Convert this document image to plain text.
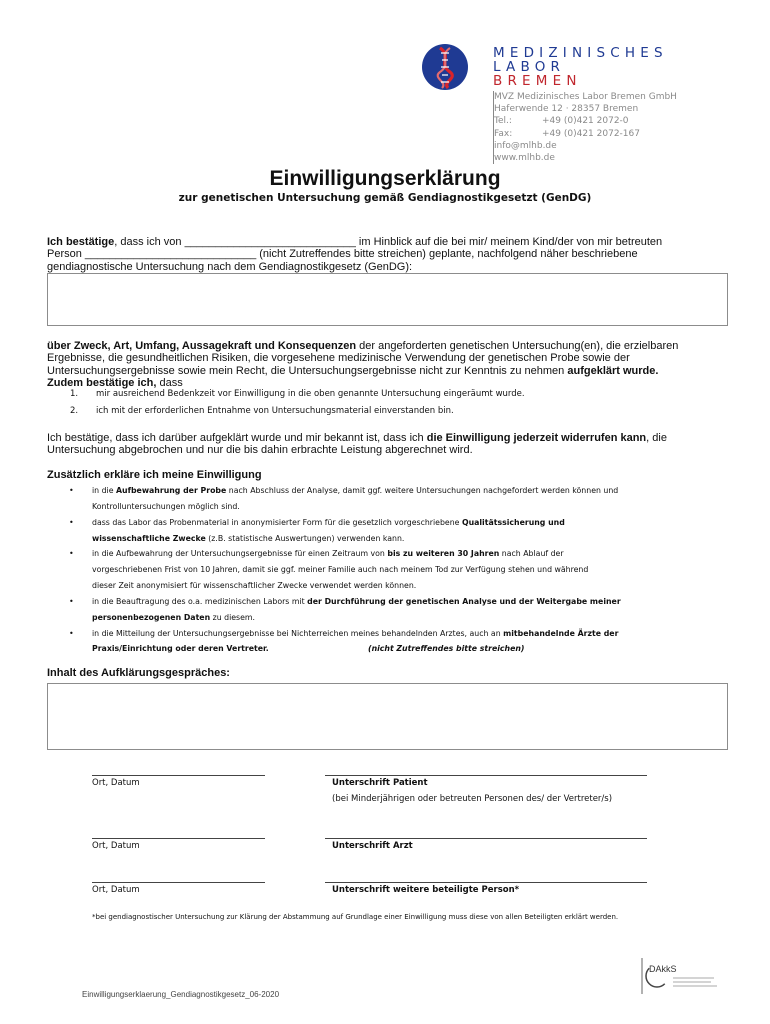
MEDIZINISCHES
LABOR
BREMEN
MVZ Medizinisches Labor Bremen GmbH
Haferwende 12 · 28357 Bremen
Tel.:	+49 (0)421 2072-0
Fax:	+49 (0)421 2072-167
info@mlhb.de
www.mlhb.de
Einwilligungserklärung
zur genetischen Untersuchung gemäß Gendiagnostikgesetzt (GenDG)
Ich bestätige, dass ich von ____________________________ im Hinblick auf die bei mir/ meinem Kind/der von mir betreuten
Person ____________________________ (nicht Zutreffendes bitte streichen) geplante, nachfolgend näher beschriebene
gendiagnostische Untersuchung nach dem Gendiagnostikgesetz (GenDG):
über Zweck, Art, Umfang, Aussagekraft und Konsequenzen der angeforderten genetischen Untersuchung(en), die erzielbaren
Ergebnisse, die gesundheitlichen Risiken, die vorgesehene medizinische Verwendung der genetischen Probe sowie der
Untersuchungsergebnisse sowie mein Recht, die Untersuchungsergebnisse nicht zur Kenntnis zu nehmen aufgeklärt wurde.
Zudem bestätige ich, dass
1. mir ausreichend Bedenkzeit vor Einwilligung in die oben genannte Untersuchung eingeräumt wurde.
2. ich mit der erforderlichen Entnahme von Untersuchungsmaterial einverstanden bin.
Ich bestätige, dass ich darüber aufgeklärt wurde und mir bekannt ist, dass ich die Einwilligung jederzeit widerrufen kann, die
Untersuchung abgebrochen und nur die bis dahin erbrachte Leistung abgerechnet wird.
Zusätzlich erkläre ich meine Einwilligung
• in die Aufbewahrung der Probe nach Abschluss der Analyse, damit ggf. weitere Untersuchungen nachgefordert werden können und
Kontrolluntersuchungen möglich sind.
• dass das Labor das Probenmaterial in anonymisierter Form für die gesetzlich vorgeschriebene Qualitätssicherung und
wissenschaftliche Zwecke (z.B. statistische Auswertungen) verwenden kann.
• in die Aufbewahrung der Untersuchungsergebnisse für einen Zeitraum von bis zu weiteren 30 Jahren nach Ablauf der
vorgeschriebenen Frist von 10 Jahren, damit sie ggf. meiner Familie auch nach meinem Tod zur Verfügung stehen und während
dieser Zeit anonymisiert für wissenschaftlicher Zwecke verwendet werden können.
• in die Beauftragung des o.a. medizinischen Labors mit der Durchführung der genetischen Analyse und der Weitergabe meiner
personenbezogenen Daten zu diesem.
• in die Mitteilung der Untersuchungsergebnisse bei Nichterreichen meines behandelnden Arztes, auch an mitbehandelnde Ärzte der
Praxis/Einrichtung oder deren Vertreter.	(nicht Zutreffendes bitte streichen)
Inhalt des Aufklärungsgespräches:
Ort, Datum	Unterschrift Patient
(bei Minderjährigen oder betreuten Personen des/ der Vertreter/s)
Ort, Datum	Unterschrift Arzt
Ort, Datum	Unterschrift weitere beteiligte Person*
*bei gendiagnostischer Untersuchung zur Klärung der Abstammung auf Grundlage einer Einwilligung muss diese von allen Beteiligten erklärt werden.
DAkkS
Einwilligungserklaerung_Gendiagnostikgesetz_06-2020
